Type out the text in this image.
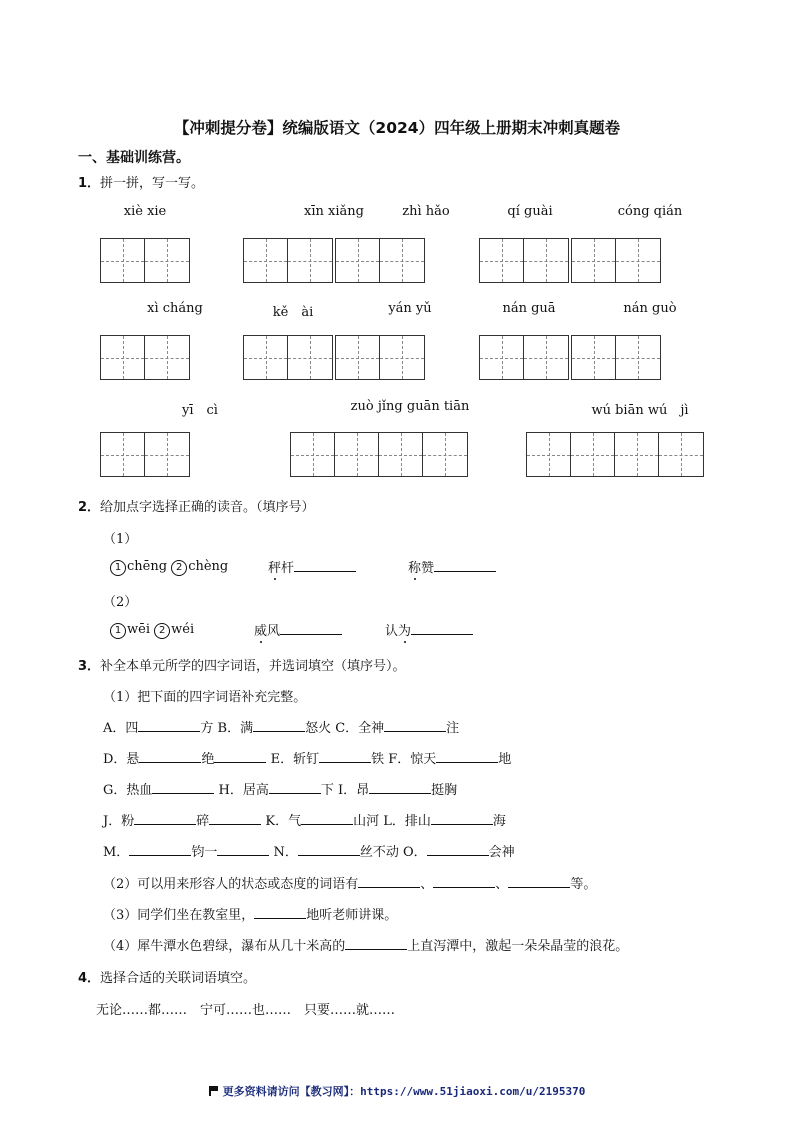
【冲刺提分卷】统编版语文（2024）四年级上册期末冲刺真题卷
一、基础训练营。
1．拼一拼，写一写。
xiè xie	xīn xiǎng	zhì hǎo	qí guài	cóng qián
xì cháng	kě　ài	yán yǔ	nán guā	nán guò
yī　cì	zuò jǐng guān tiān	wú biān wú　jì
2．给加点字选择正确的读音。（填序号）
（1）
1 chēng 2 chèng	秤杆	称赞
（2）
1 wēi 2 wéi	威风	认为
3．补全本单元所学的四字词语，并选词填空（填序号）。
（1）把下面的四字词语补充完整。
A．四	方 B．满	怒火 C．全神	注
D．悬	绝	E．斩钉	铁 F．惊天	地
G．热血	H．居高	下 I．昂	挺胸
J．粉	碎	K．气	山河 L．排山	海
M．	钧一	N．	丝不动 O．	会神
（2）可以用来形容人的状态或态度的词语有	、	、	等。
（3）同学们坐在教室里，	地听老师讲课。
（4）犀牛潭水色碧绿，瀑布从几十米高的	上直泻潭中，激起一朵朵晶莹的浪花。
4．选择合适的关联词语填空。
无论……都……　宁可……也……　只要……就……
更多资料请访问【教习网】：https://www.51jiaoxi.com/u/2195370
